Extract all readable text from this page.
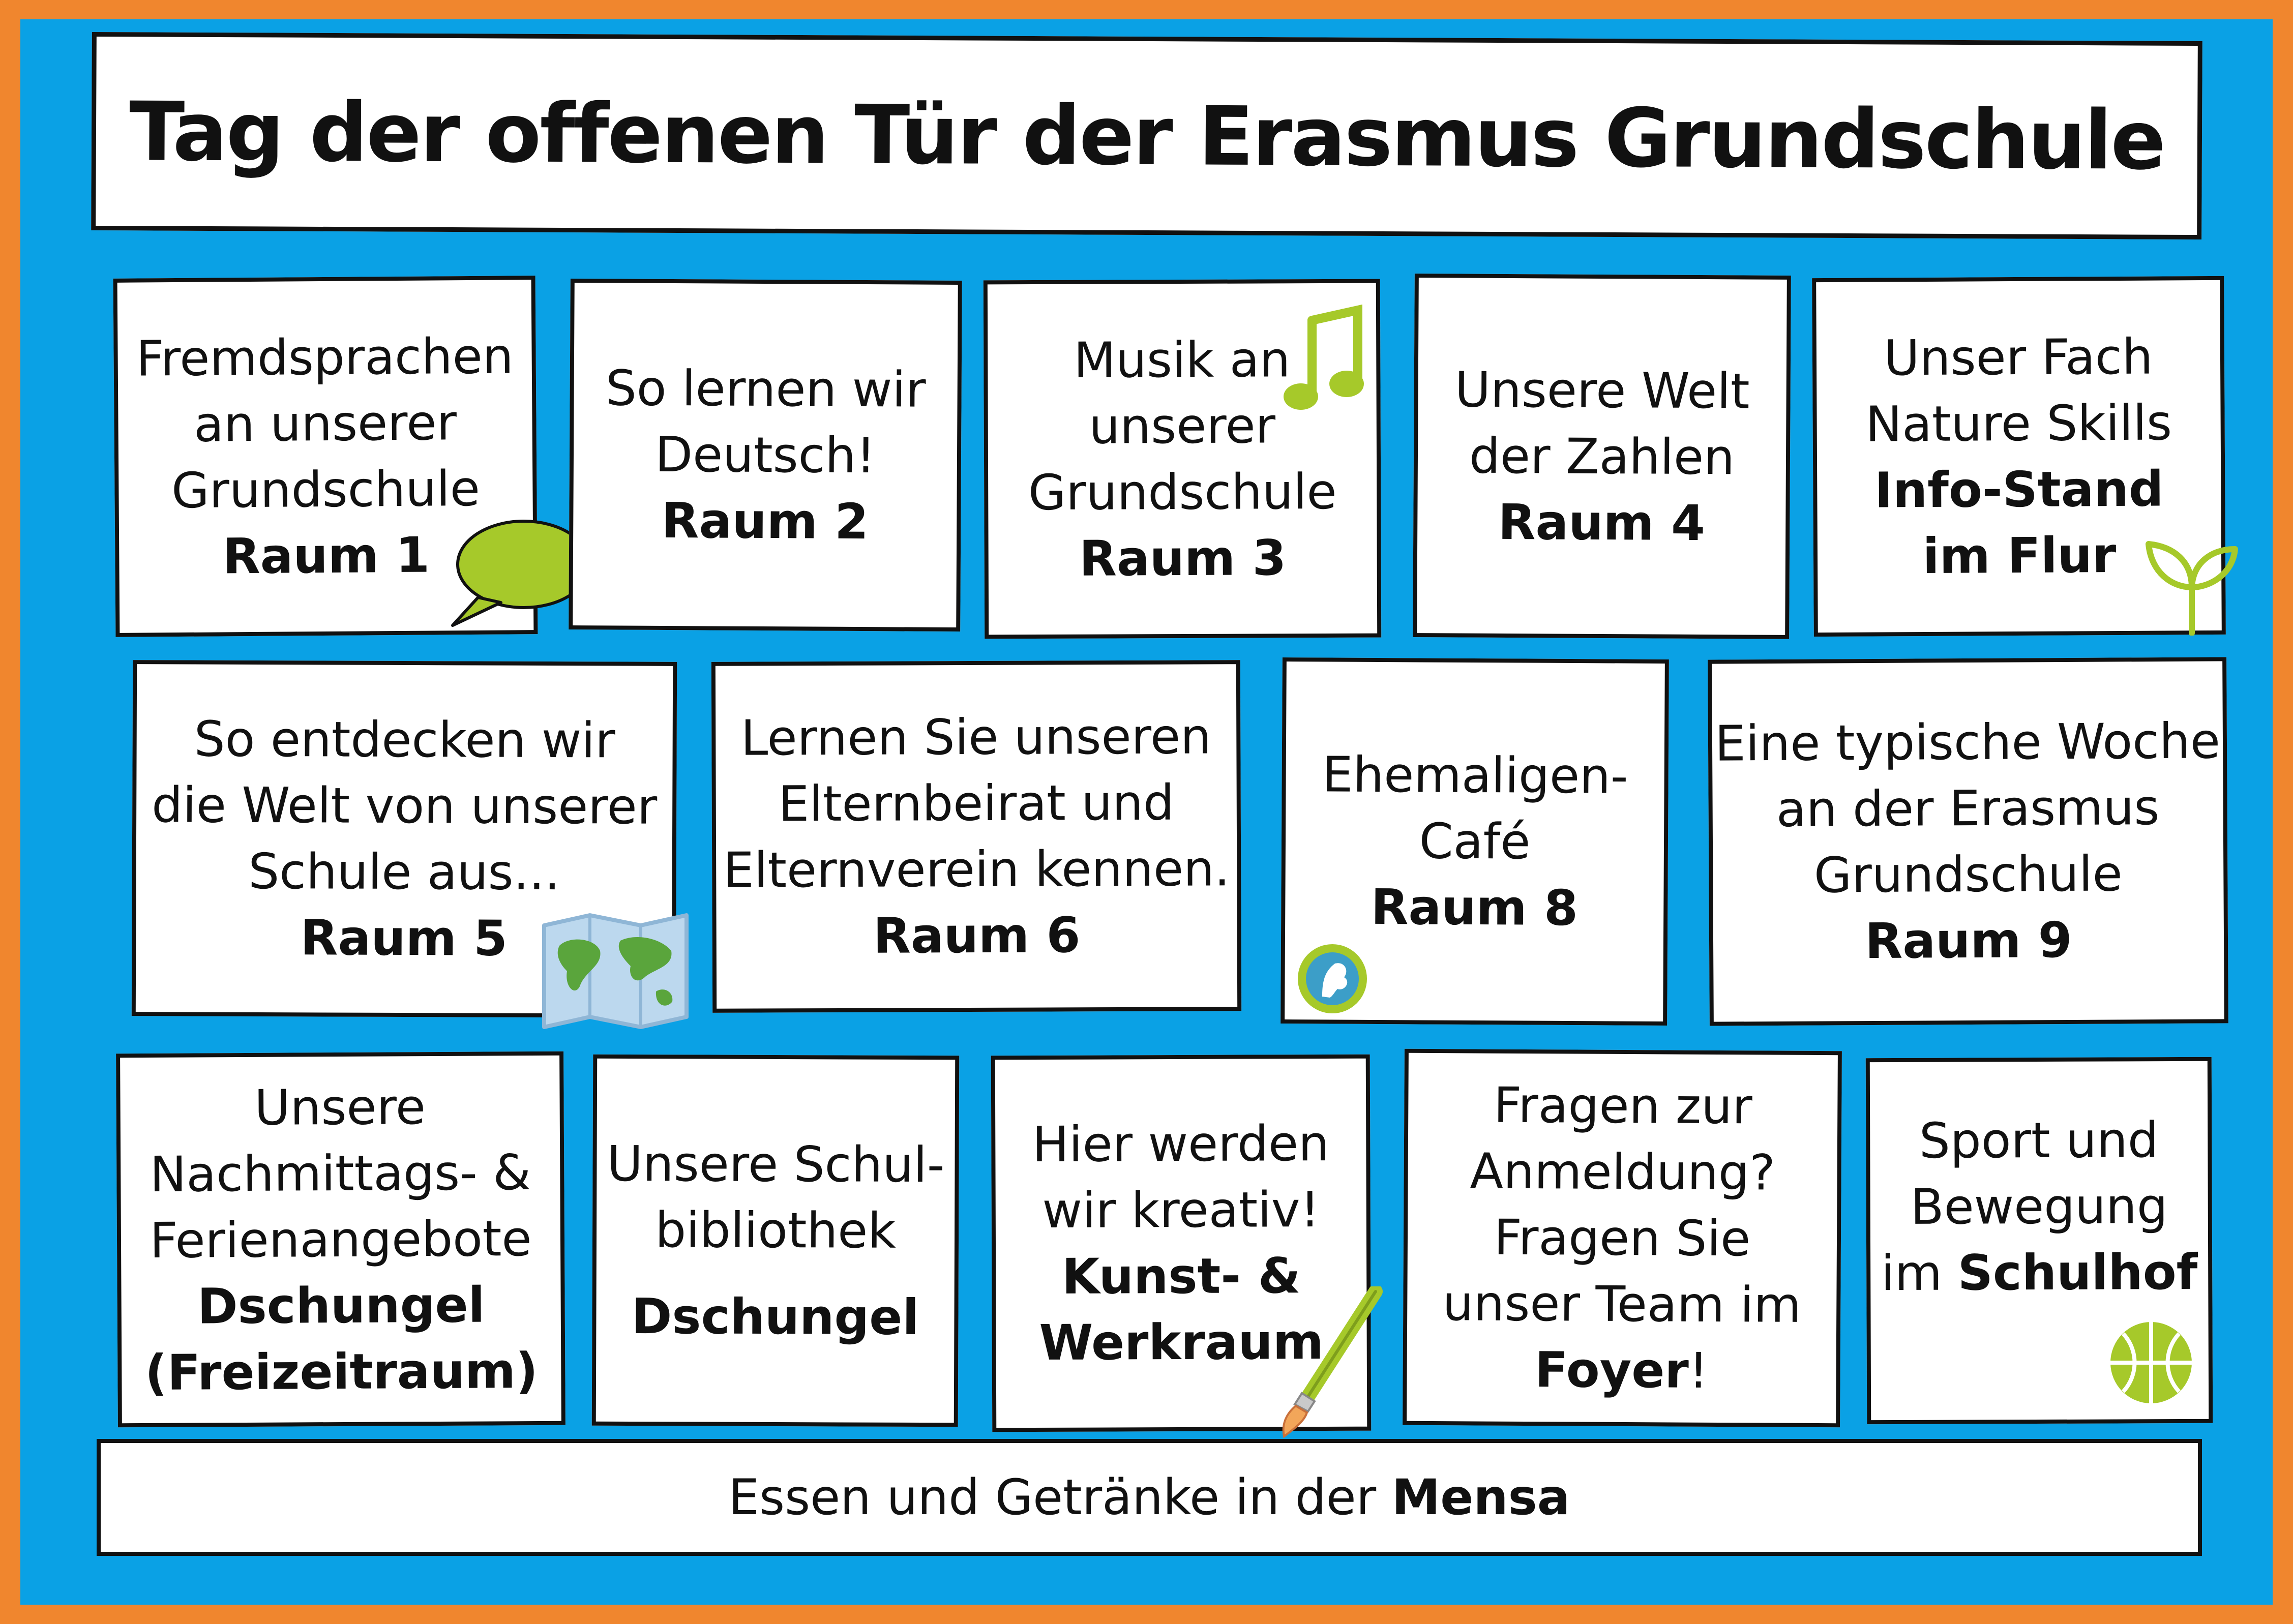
Tag der offenen Tür der Erasmus Grundschule
Fremdsprachen
an unserer
Grundschule
Raum 1
So lernen wir
Deutsch!
Raum 2
Musik an
unserer
Grundschule
Raum 3
Unsere Welt
der Zahlen
Raum 4
Unser Fach
Nature Skills
Info-Stand
im Flur
So entdecken wir
die Welt von unserer
Schule aus...
Raum 5
Lernen Sie unseren
Elternbeirat und
Elternverein kennen.
Raum 6
Ehemaligen-
Café
Raum 8
Eine typische Woche
an der Erasmus
Grundschule
Raum 9
Unsere
Nachmittags- &
Ferienangebote
Dschungel
(Freizeitraum)
Unsere Schul-
bibliothek
Dschungel
Hier werden
wir kreativ!
Kunst- &
Werkraum
Fragen zur
Anmeldung?
Fragen Sie
unser Team im
Foyer!
Sport und
Bewegung
im Schulhof
Essen und Getränke in der Mensa
